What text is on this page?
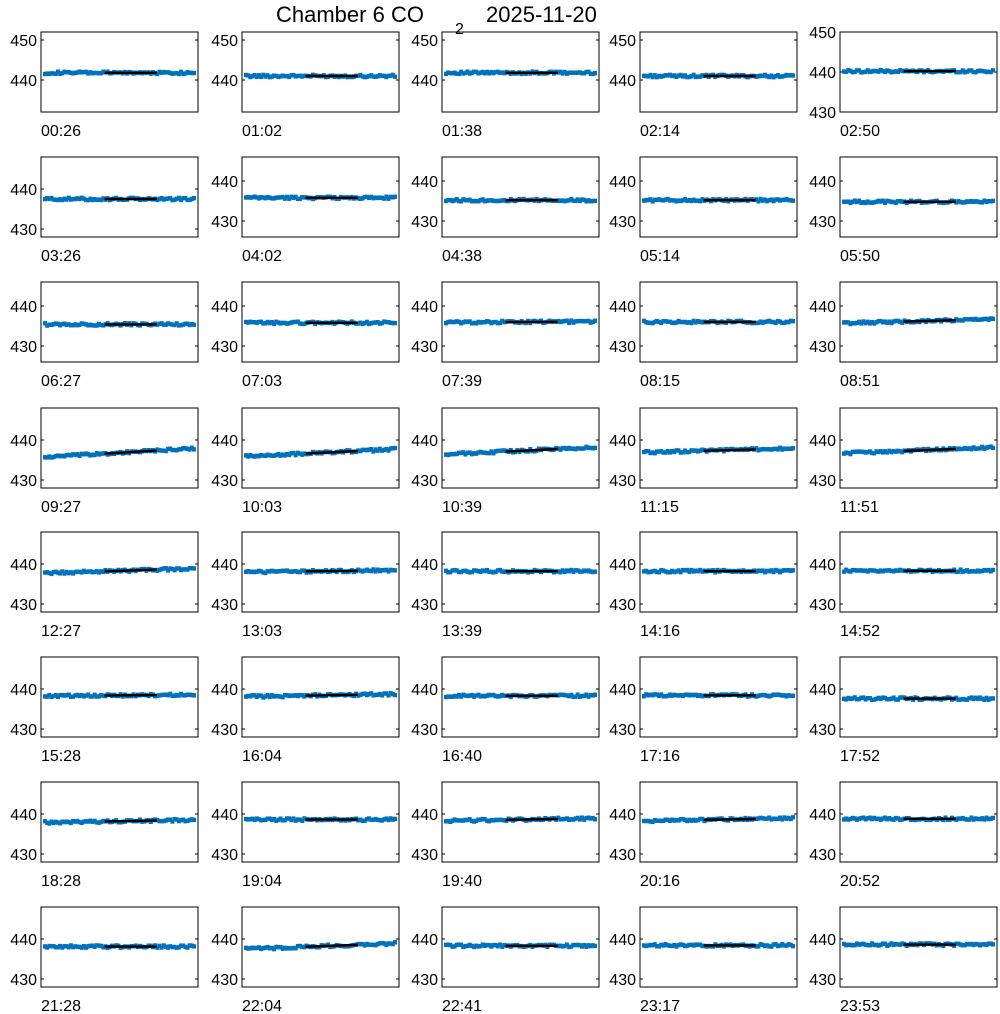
Chamber 6 CO
2
2025-11-20
440
450
00:26
440
450
01:02
440
450
01:38
440
450
02:14
430
440
450
02:50
430
440
03:26
430
440
04:02
430
440
04:38
430
440
05:14
430
440
05:50
430
440
06:27
430
440
07:03
430
440
07:39
430
440
08:15
430
440
08:51
430
440
09:27
430
440
10:03
430
440
10:39
430
440
11:15
430
440
11:51
430
440
12:27
430
440
13:03
430
440
13:39
430
440
14:16
430
440
14:52
430
440
15:28
430
440
16:04
430
440
16:40
430
440
17:16
430
440
17:52
430
440
18:28
430
440
19:04
430
440
19:40
430
440
20:16
430
440
20:52
430
440
21:28
430
440
22:04
430
440
22:41
430
440
23:17
430
440
23:53
